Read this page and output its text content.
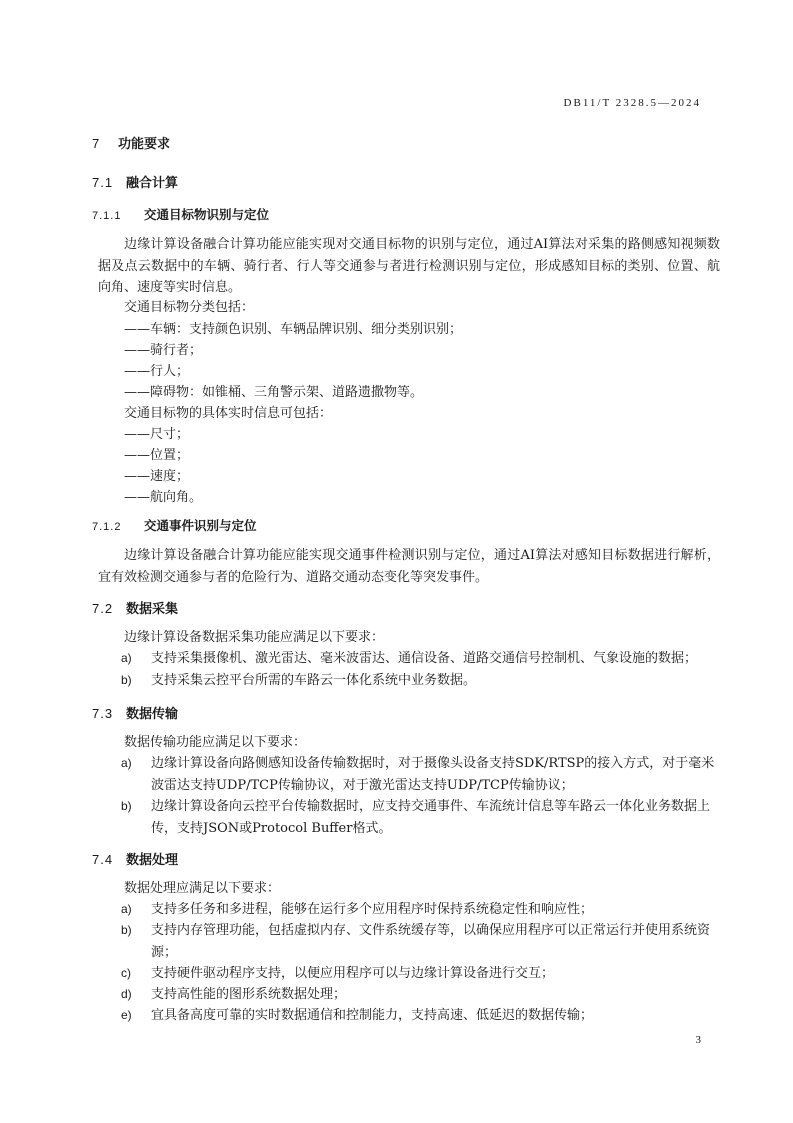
DB11/T 2328.5—2024
7 功能要求
7.1 融合计算
7.1.1 交通目标物识别与定位
边缘计算设备融合计算功能应能实现对交通目标物的识别与定位，通过AI算法对采集的路侧感知视频数据及点云数据中的车辆、骑行者、行人等交通参与者进行检测识别与定位，形成感知目标的类别、位置、航向角、速度等实时信息。
交通目标物分类包括：
——车辆：支持颜色识别、车辆品牌识别、细分类别识别；
——骑行者；
——行人；
——障碍物：如锥桶、三角警示架、道路遗撒物等。
交通目标物的具体实时信息可包括：
——尺寸；
——位置；
——速度；
——航向角。
7.1.2 交通事件识别与定位
边缘计算设备融合计算功能应能实现交通事件检测识别与定位，通过AI算法对感知目标数据进行解析，宜有效检测交通参与者的危险行为、道路交通动态变化等突发事件。
7.2 数据采集
边缘计算设备数据采集功能应满足以下要求：
a) 支持采集摄像机、激光雷达、毫米波雷达、通信设备、道路交通信号控制机、气象设施的数据；
b) 支持采集云控平台所需的车路云一体化系统中业务数据。
7.3 数据传输
数据传输功能应满足以下要求：
a) 边缘计算设备向路侧感知设备传输数据时，对于摄像头设备支持SDK/RTSP的接入方式，对于毫米波雷达支持UDP/TCP传输协议，对于激光雷达支持UDP/TCP传输协议；
b) 边缘计算设备向云控平台传输数据时，应支持交通事件、车流统计信息等车路云一体化业务数据上传，支持JSON或Protocol Buffer格式。
7.4 数据处理
数据处理应满足以下要求：
a) 支持多任务和多进程，能够在运行多个应用程序时保持系统稳定性和响应性；
b) 支持内存管理功能，包括虚拟内存、文件系统缓存等，以确保应用程序可以正常运行并使用系统资源；
c) 支持硬件驱动程序支持，以便应用程序可以与边缘计算设备进行交互；
d) 支持高性能的图形系统数据处理；
e) 宜具备高度可靠的实时数据通信和控制能力，支持高速、低延迟的数据传输；
3
